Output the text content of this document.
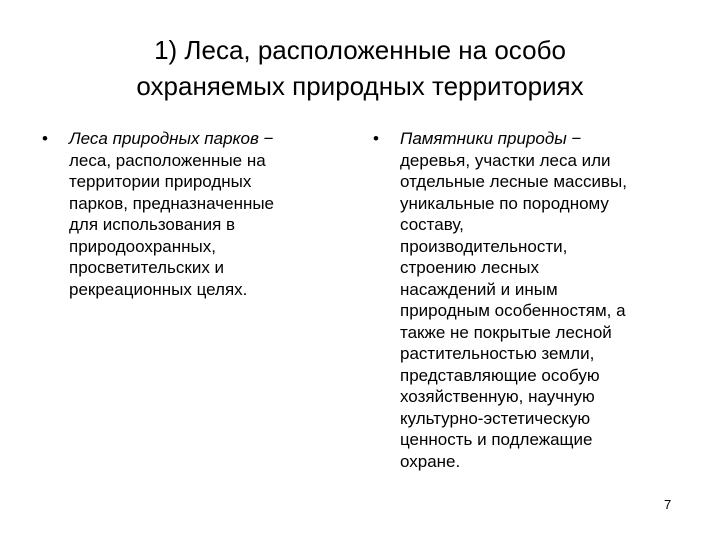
1) Леса, расположенные на особо
охраняемых природных территориях
• Леса природных парков −
леса, расположенные на
территории природных
парков, предназначенные
для использования в
природоохранных,
просветительских и
рекреационных целях.
• Памятники природы −
деревья, участки леса или
отдельные лесные массивы,
уникальные по породному
составу,
производительности,
строению лесных
насаждений и иным
природным особенностям, а
также не покрытые лесной
растительностью земли,
представляющие особую
хозяйственную, научную
культурно-эстетическую
ценность и подлежащие
охране.
7
